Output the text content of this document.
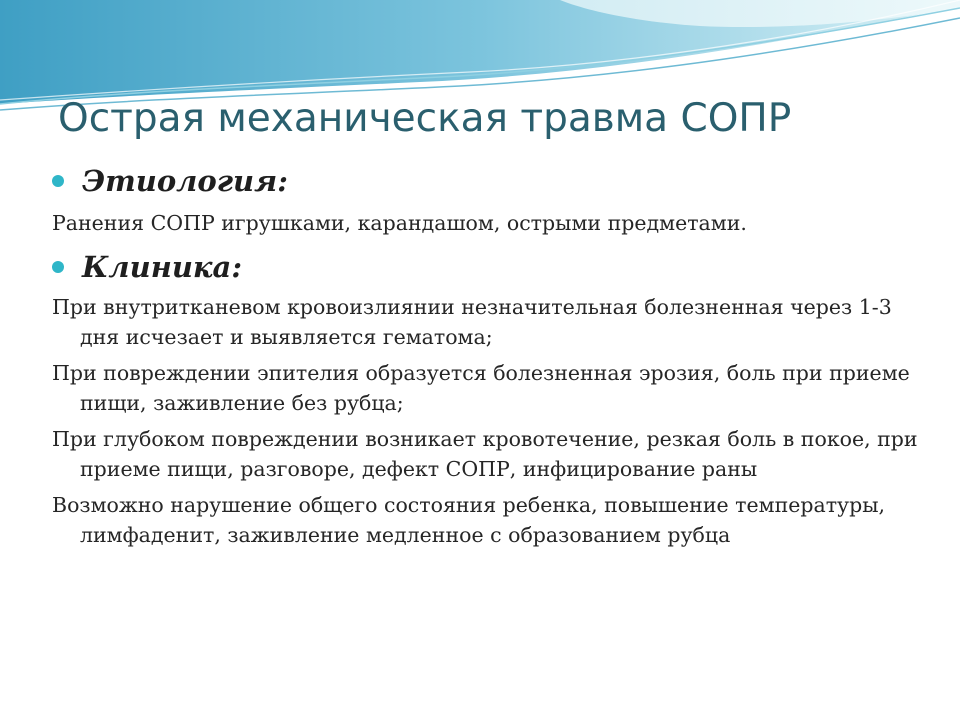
Острая механическая травма СОПР
Этиология:

Ранения СОПР игрушками, карандашом, острыми предметами.

Клиника:

При внутритканевом кровоизлиянии незначительная болезненная через 1-3 дня исчезает и выявляется гематома;

При повреждении эпителия образуется болезненная эрозия, боль при приеме пищи, заживление без рубца;

При глубоком повреждении возникает кровотечение, резкая боль в покое, при приеме пищи, разговоре, дефект СОПР, инфицирование раны

Возможно нарушение общего состояния ребенка, повышение температуры, лимфаденит, заживление медленное с образованием рубца
